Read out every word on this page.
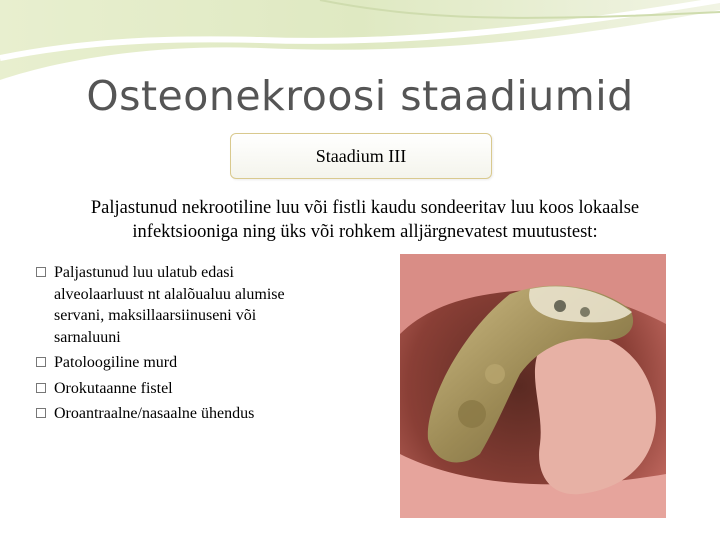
Osteonekroosi staadiumid
Staadium III
Paljastunud nekrootiline luu või fistli kaudu sondeeritav luu koos lokaalse
infektsiooniga ning üks või rohkem alljärgnevatest muutustest:
Paljastunud luu ulatub edasi
alveolaarluust nt alalõualuu alumise
servani, maksillaarsiinuseni või
sarnaluuni
Patoloogiline murd
Orokutaanne fistel
Oroantraalne/nasaalne ühendus
